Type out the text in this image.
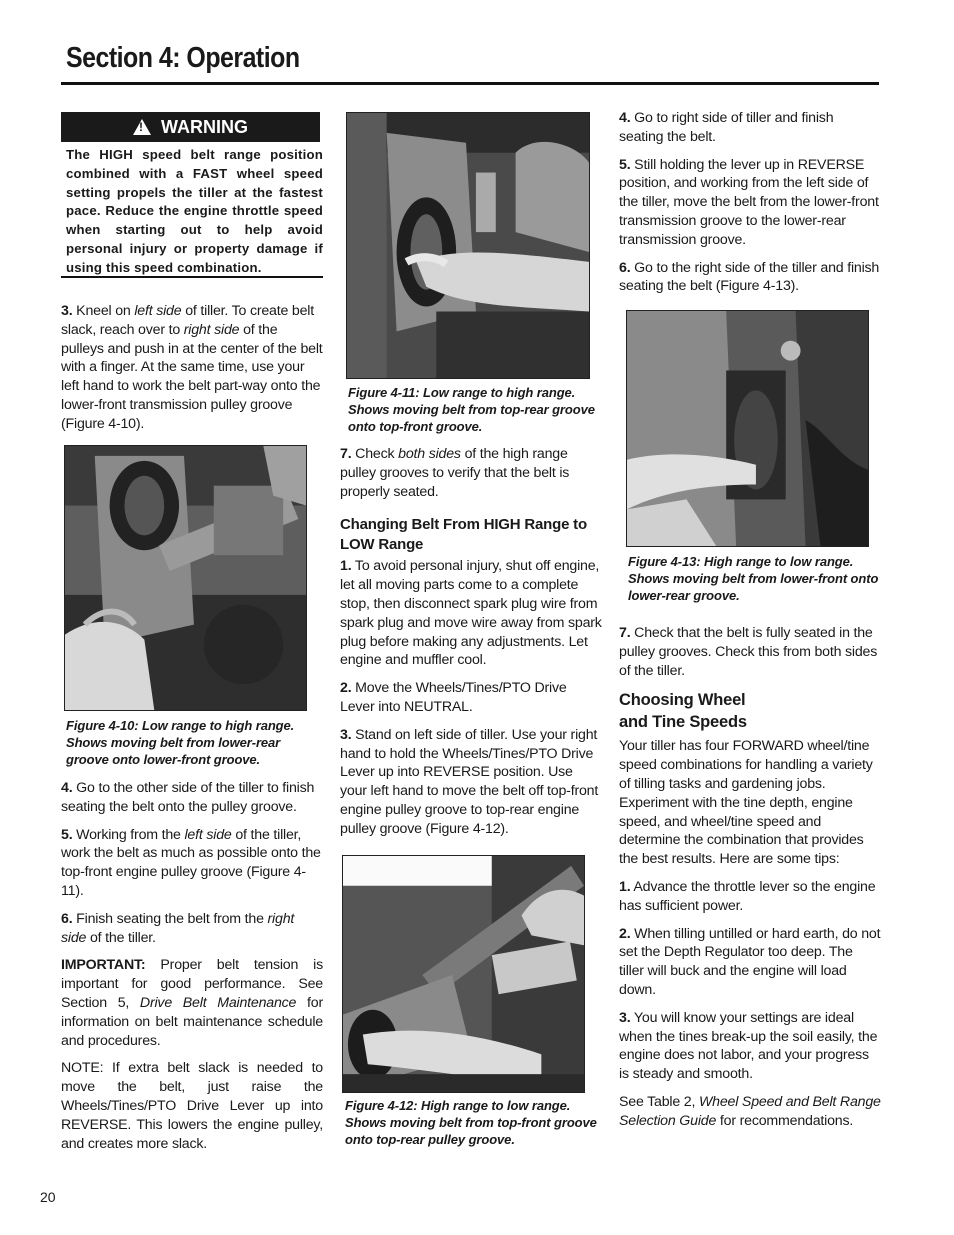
Section 4: Operation
!
WARNING
The HIGH speed belt range position combined with a FAST wheel speed setting propels the tiller at the fastest pace. Reduce the engine throttle speed when starting out to help avoid personal injury or property damage if using this speed combination.

3. Kneel on left side of tiller. To create belt slack, reach over to right side of the pulleys and push in at the center of the belt with a finger. At the same time, use your left hand to work the belt part-way onto the lower-front transmission pulley groove (Figure 4-10).

Figure 4-10: Low range to high range. Shows moving belt from lower-rear groove onto lower-front groove.

4. Go to the other side of the tiller to finish seating the belt onto the pulley groove.

5. Working from the left side of the tiller, work the belt as much as possible onto the top-front engine pulley groove (Figure 4-11).

6. Finish seating the belt from the right side of the tiller.

IMPORTANT: Proper belt tension is important for good performance. See Section 5, Drive Belt Maintenance for information on belt maintenance schedule and procedures.

NOTE: If extra belt slack is needed to move the belt, just raise the Wheels/Tines/PTO Drive Lever up into REVERSE. This lowers the engine pulley, and creates more slack.

Figure 4-11: Low range to high range. Shows moving belt from top-rear groove onto top-front groove.

7. Check both sides of the high range pulley grooves to verify that the belt is properly seated.

Changing Belt From HIGH Range to LOW Range

1. To avoid personal injury, shut off engine, let all moving parts come to a complete stop, then disconnect spark plug wire from spark plug and move wire away from spark plug before making any adjustments. Let engine and muffler cool.

2. Move the Wheels/Tines/PTO Drive Lever into NEUTRAL.

3. Stand on left side of tiller. Use your right hand to hold the Wheels/Tines/PTO Drive Lever up into REVERSE position. Use your left hand to move the belt off top-front engine pulley groove to top-rear engine pulley groove (Figure 4-12).

Figure 4-12: High range to low range. Shows moving belt from top-front groove onto top-rear pulley groove.

4. Go to right side of tiller and finish seating the belt.

5. Still holding the lever up in REVERSE position, and working from the left side of the tiller, move the belt from the lower-front transmission groove to the lower-rear transmission groove.

6. Go to the right side of the tiller and finish seating the belt (Figure 4-13).

Figure 4-13: High range to low range. Shows moving belt from lower-front onto lower-rear groove.

7. Check that the belt is fully seated in the pulley grooves. Check this from both sides of the tiller.

Choosing Wheel
and Tine Speeds

Your tiller has four FORWARD wheel/tine speed combinations for handling a variety of tilling tasks and gardening jobs. Experiment with the tine depth, engine speed, and wheel/tine speed and determine the combination that provides the best results. Here are some tips:

1. Advance the throttle lever so the engine has sufficient power.

2. When tilling untilled or hard earth, do not set the Depth Regulator too deep. The tiller will buck and the engine will load down.

3. You will know your settings are ideal when the tines break-up the soil easily, the engine does not labor, and your progress is steady and smooth.

See Table 2, Wheel Speed and Belt Range Selection Guide for recommendations.

20
